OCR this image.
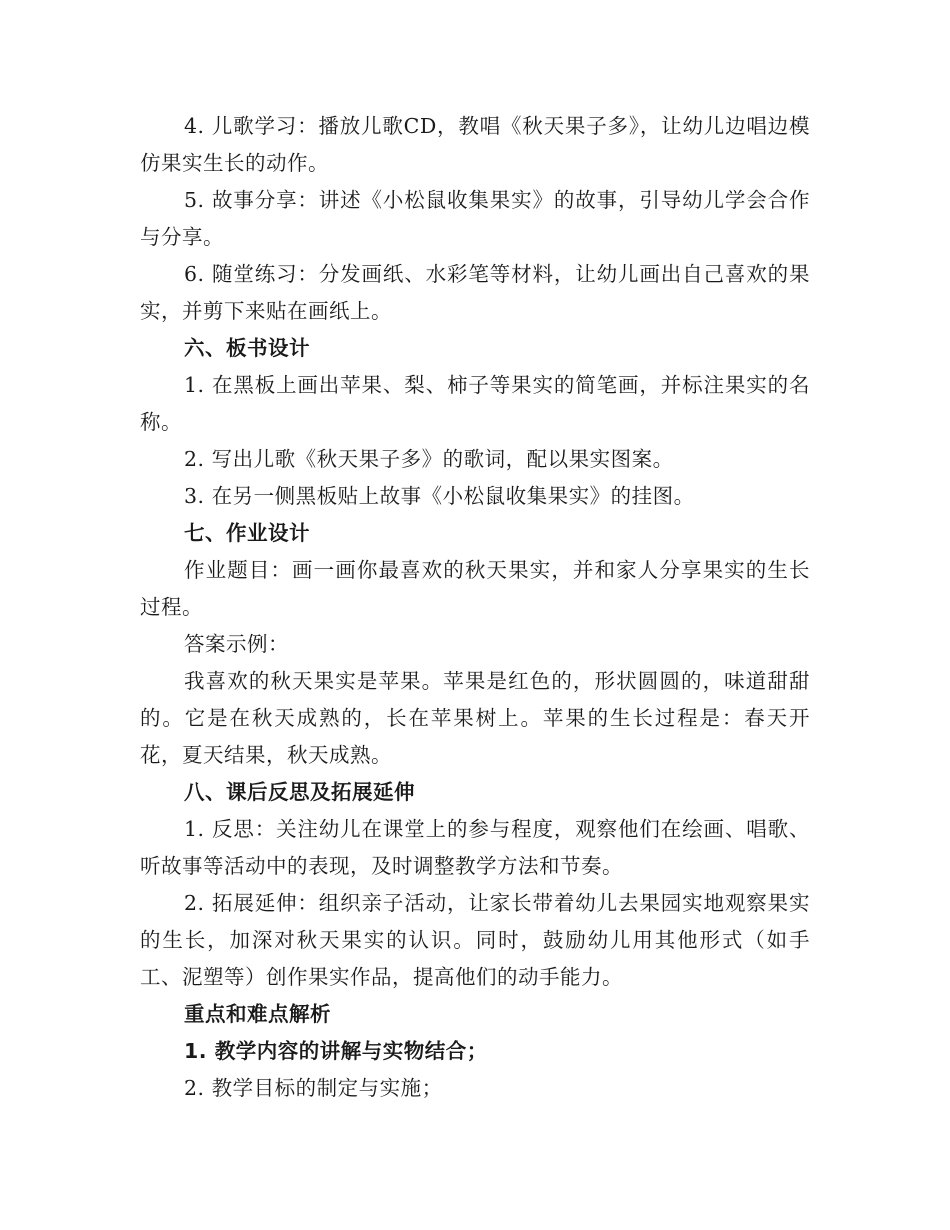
4. 儿歌学习：播放儿歌CD，教唱《秋天果子多》，让幼儿边唱边模仿果实生长的动作。

5. 故事分享：讲述《小松鼠收集果实》的故事，引导幼儿学会合作与分享。

6. 随堂练习：分发画纸、水彩笔等材料，让幼儿画出自己喜欢的果实，并剪下来贴在画纸上。

六、板书设计

1. 在黑板上画出苹果、梨、柿子等果实的简笔画，并标注果实的名称。

2. 写出儿歌《秋天果子多》的歌词，配以果实图案。

3. 在另一侧黑板贴上故事《小松鼠收集果实》的挂图。

七、作业设计

作业题目：画一画你最喜欢的秋天果实，并和家人分享果实的生长过程。

答案示例：

我喜欢的秋天果实是苹果。苹果是红色的，形状圆圆的，味道甜甜的。它是在秋天成熟的，长在苹果树上。苹果的生长过程是：春天开花，夏天结果，秋天成熟。

八、课后反思及拓展延伸

1. 反思：关注幼儿在课堂上的参与程度，观察他们在绘画、唱歌、听故事等活动中的表现，及时调整教学方法和节奏。

2. 拓展延伸：组织亲子活动，让家长带着幼儿去果园实地观察果实的生长，加深对秋天果实的认识。同时，鼓励幼儿用其他形式（如手工、泥塑等）创作果实作品，提高他们的动手能力。

重点和难点解析

1. 教学内容的讲解与实物结合；

2. 教学目标的制定与实施；
